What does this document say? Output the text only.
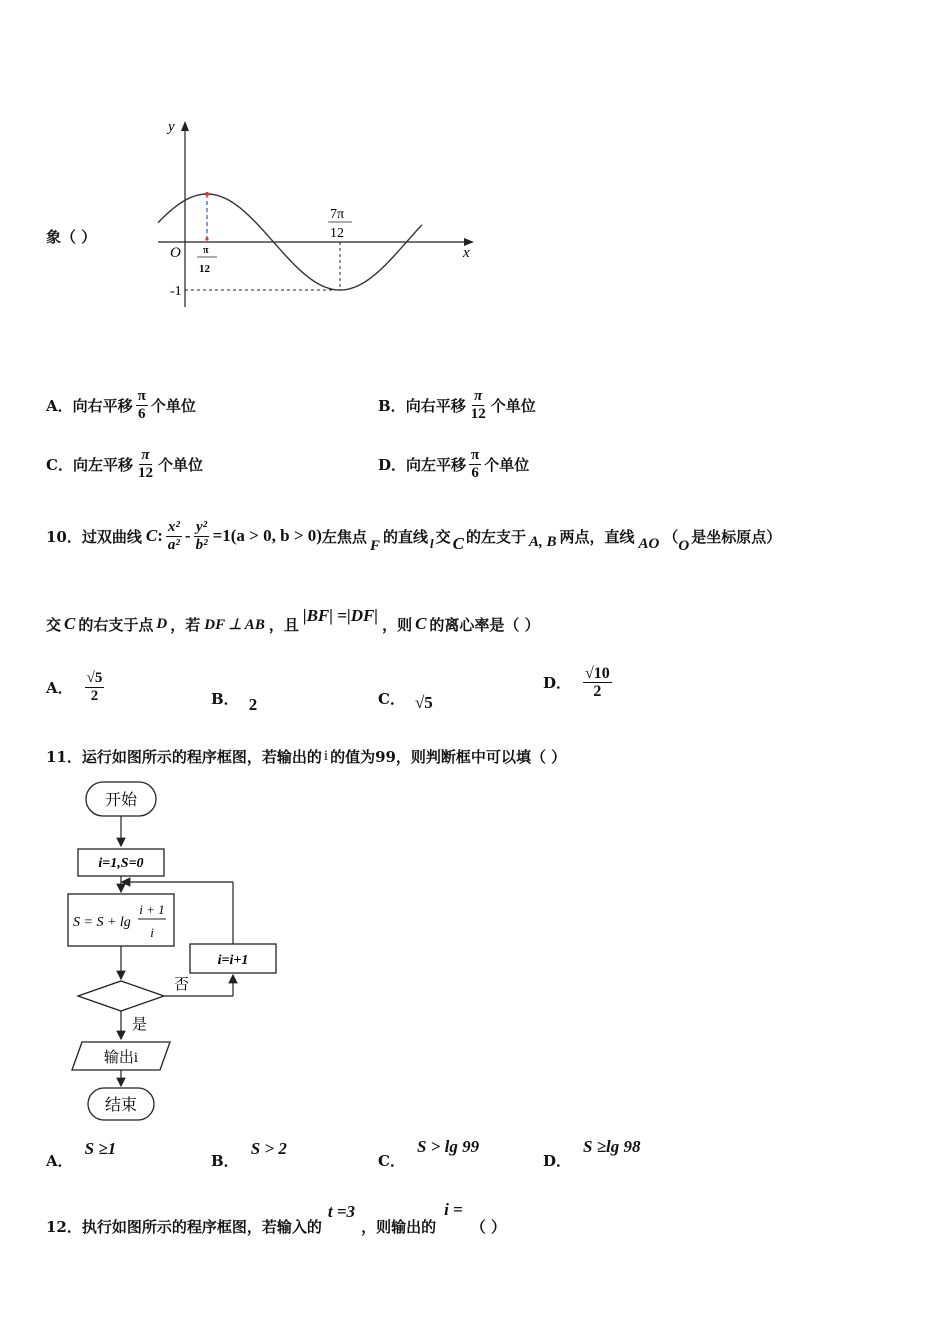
象（ ）
y
x
O π
12
7π
12
-1
A． 向右平移 $\frac{\pi}{6}$ 个单位	B． 向右平移 $\frac{\pi}{12}$ 个单位
C． 向左平移 $\frac{\pi}{12}$ 个单位	D． 向左平移 $\frac{\pi}{6}$ 个单位
10． 过双曲线 C : $\frac{\text{x²}}{\text{a²}} - \frac{\text{y²}}{\text{b²}} =1(a > 0$, b > 0) 左焦点 F 的直线 l 交 C 的左支于 A, B 两点，直线 AO （ O 是坐标原点）
交 C 的右支于点 D ，若 DF ⊥ AB ，且 |BF| =|DF| ，则 C 的离心率是（ ）
A． $\frac{√5}{2}$	B． 2	C． √5
D． $\frac{√10}{2}$
11．运行如图所示的程序框图，若输出的 i 的值为99，则判断框中可以填（ ）
开始
i=1,S=0
S = S + lg
i + 1
i
否
i=i+1
是
输出i
结束
A．
S ≥1
B．
S > 2
C．
S > lg 99
D．
S ≥lg 98
12．执行如图所示的程序框图，若输入的
t =3
，则输出的
i =
（ ）
